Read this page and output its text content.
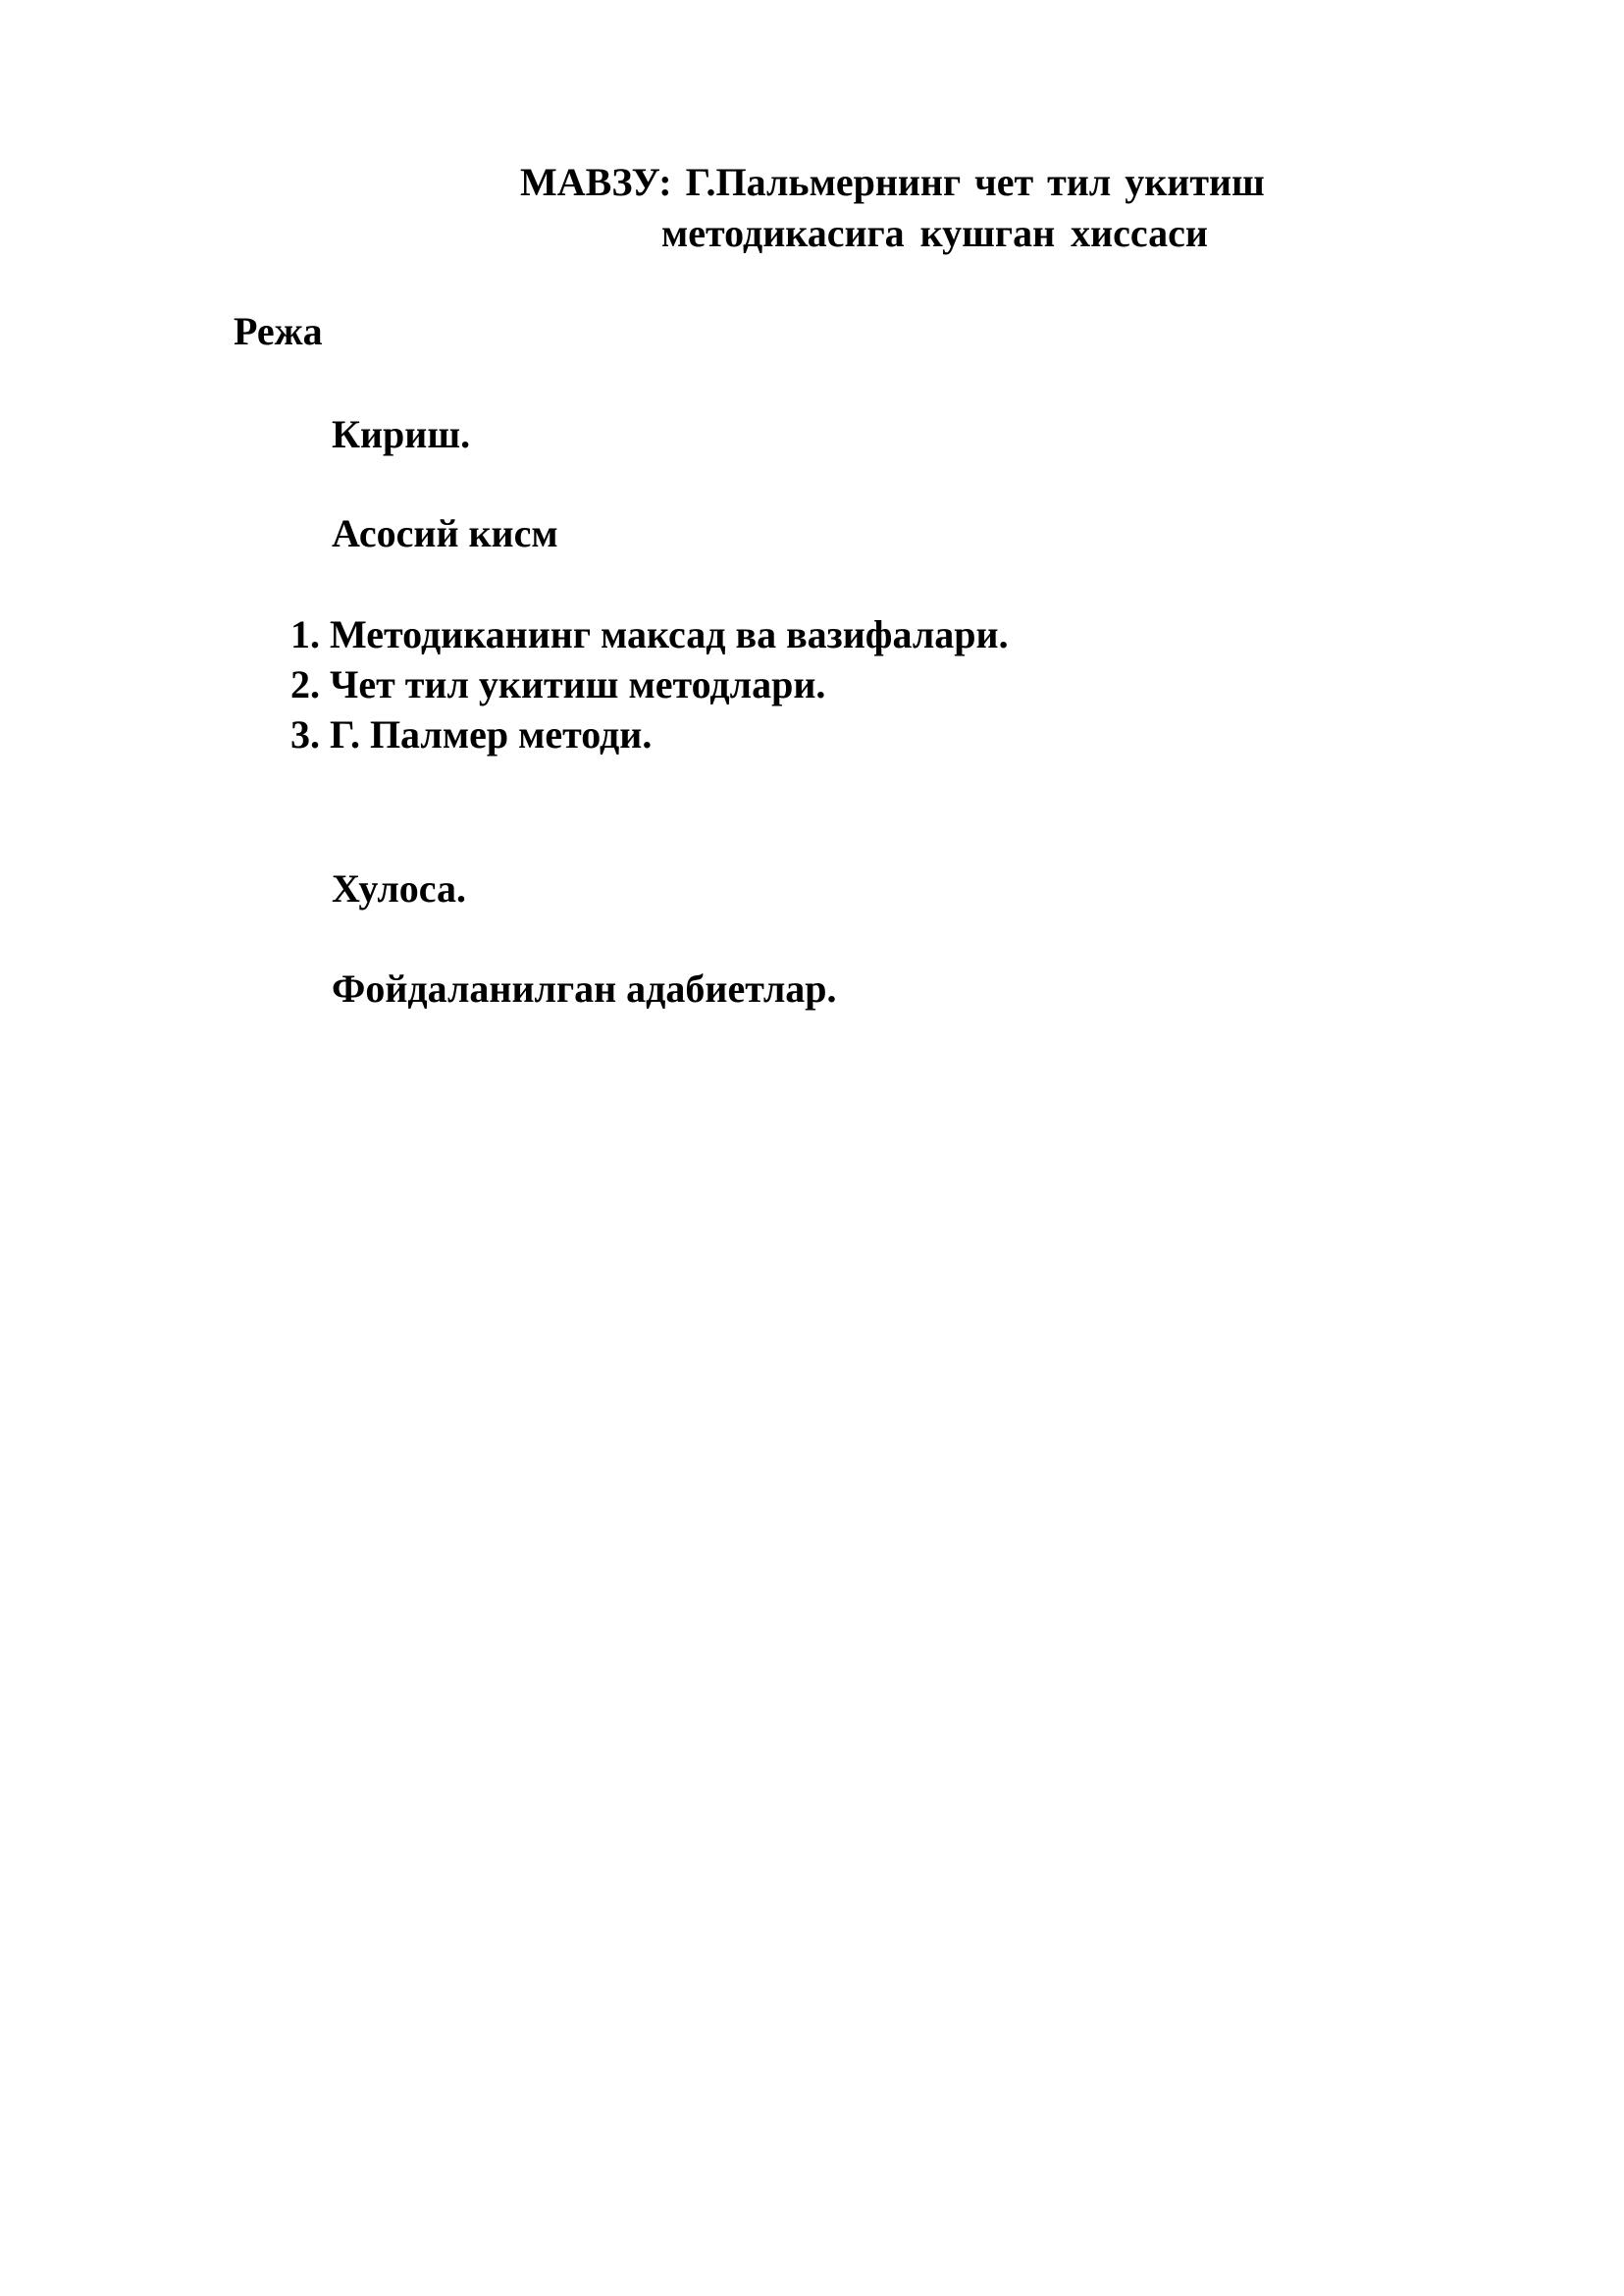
МАВЗУ: Г.Пальмернинг чет тил укитиш
методикасига кушган хиссаси
Режа
Кириш.
Асосий кисм
1. Методиканинг максад ва вазифалари.
2. Чет тил укитиш методлари.
3. Г. Палмер методи.
Хулоса.
Фойдаланилган адабиетлар.
